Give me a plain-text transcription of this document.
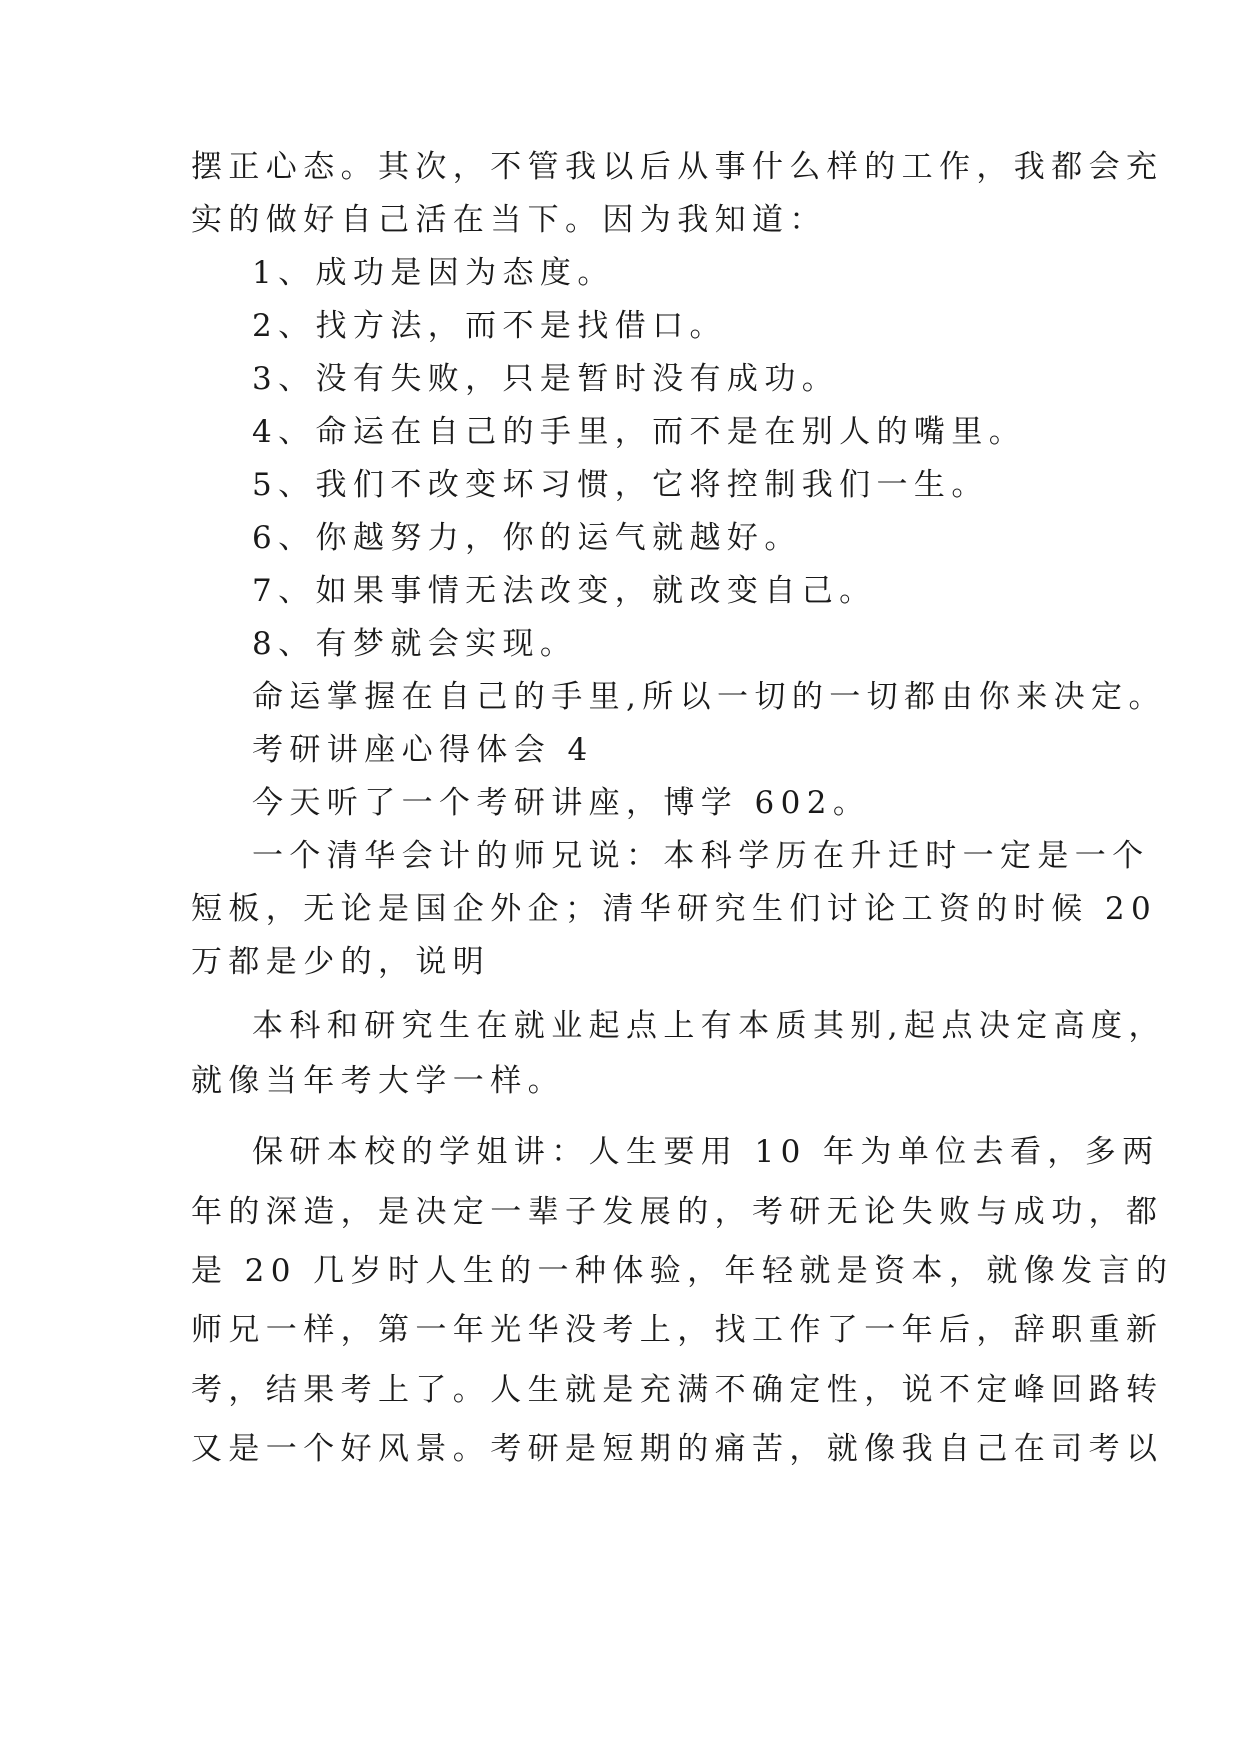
摆正心态。其次，不管我以后从事什么样的工作，我都会充
实的做好自己活在当下。因为我知道：
1、成功是因为态度。
2、找方法，而不是找借口。
3、没有失败，只是暂时没有成功。
4、命运在自己的手里，而不是在别人的嘴里。
5、我们不改变坏习惯，它将控制我们一生。
6、你越努力，你的运气就越好。
7、如果事情无法改变，就改变自己。
8、有梦就会实现。
命运掌握在自己的手里,所以一切的一切都由你来决定。
考研讲座心得体会 4
今天听了一个考研讲座，博学 602。
一个清华会计的师兄说：本科学历在升迁时一定是一个
短板，无论是国企外企；清华研究生们讨论工资的时候 20
万都是少的，说明
本科和研究生在就业起点上有本质其别,起点决定高度，
就像当年考大学一样。
保研本校的学姐讲：人生要用 10 年为单位去看，多两
年的深造，是决定一辈子发展的，考研无论失败与成功，都
是 20 几岁时人生的一种体验，年轻就是资本，就像发言的
师兄一样，第一年光华没考上，找工作了一年后，辞职重新
考，结果考上了。人生就是充满不确定性，说不定峰回路转
又是一个好风景。考研是短期的痛苦，就像我自己在司考以
